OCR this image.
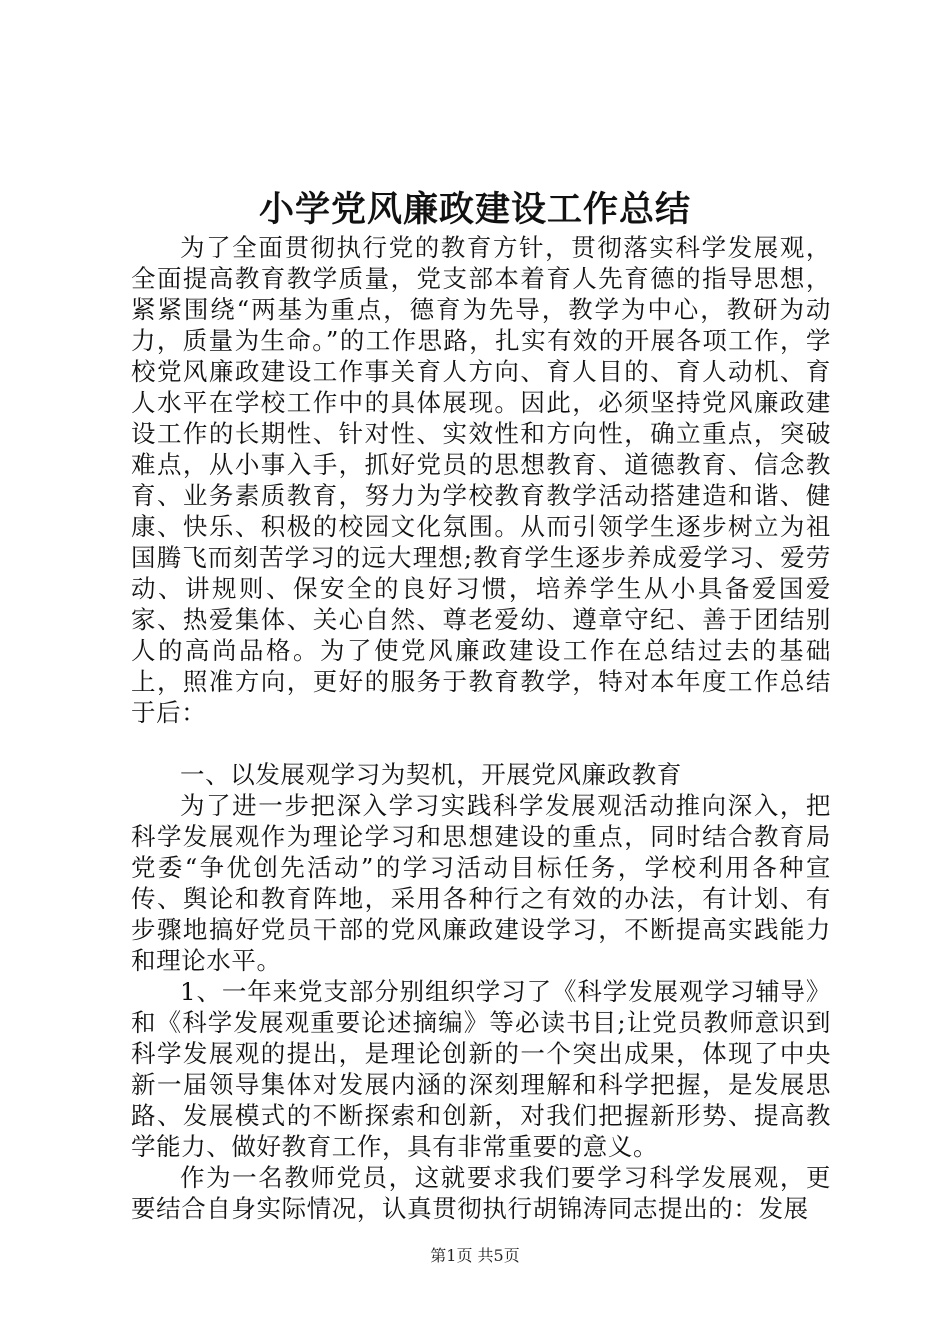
小学党风廉政建设工作总结

为了全面贯彻执行党的教育方针，贯彻落实科学发展观，全面提高教育教学质量，党支部本着育人先育德的指导思想，紧紧围绕“两基为重点，德育为先导，教学为中心，教研为动力，质量为生命。”的工作思路，扎实有效的开展各项工作，学校党风廉政建设工作事关育人方向、育人目的、育人动机、育人水平在学校工作中的具体展现。因此，必须坚持党风廉政建设工作的长期性、针对性、实效性和方向性，确立重点，突破难点，从小事入手，抓好党员的思想教育、道德教育、信念教育、业务素质教育，努力为学校教育教学活动搭建造和谐、健康、快乐、积极的校园文化氛围。从而引领学生逐步树立为祖国腾飞而刻苦学习的远大理想;教育学生逐步养成爱学习、爱劳动、讲规则、保安全的良好习惯，培养学生从小具备爱国爱家、热爱集体、关心自然、尊老爱幼、遵章守纪、善于团结别人的高尚品格。为了使党风廉政建设工作在总结过去的基础上，照准方向，更好的服务于教育教学，特对本年度工作总结于后：

一、以发展观学习为契机，开展党风廉政教育

为了进一步把深入学习实践科学发展观活动推向深入，把科学发展观作为理论学习和思想建设的重点，同时结合教育局党委“争优创先活动”的学习活动目标任务，学校利用各种宣传、舆论和教育阵地，采用各种行之有效的办法，有计划、有步骤地搞好党员干部的党风廉政建设学习，不断提高实践能力和理论水平。

1、一年来党支部分别组织学习了《科学发展观学习辅导》和《科学发展观重要论述摘编》等必读书目;让党员教师意识到科学发展观的提出，是理论创新的一个突出成果，体现了中央新一届领导集体对发展内涵的深刻理解和科学把握，是发展思路、发展模式的不断探索和创新，对我们把握新形势、提高教学能力、做好教育工作，具有非常重要的意义。

作为一名教师党员，这就要求我们要学习科学发展观，更要结合自身实际情况，认真贯彻执行胡锦涛同志提出的：发展

第1页 共5页
